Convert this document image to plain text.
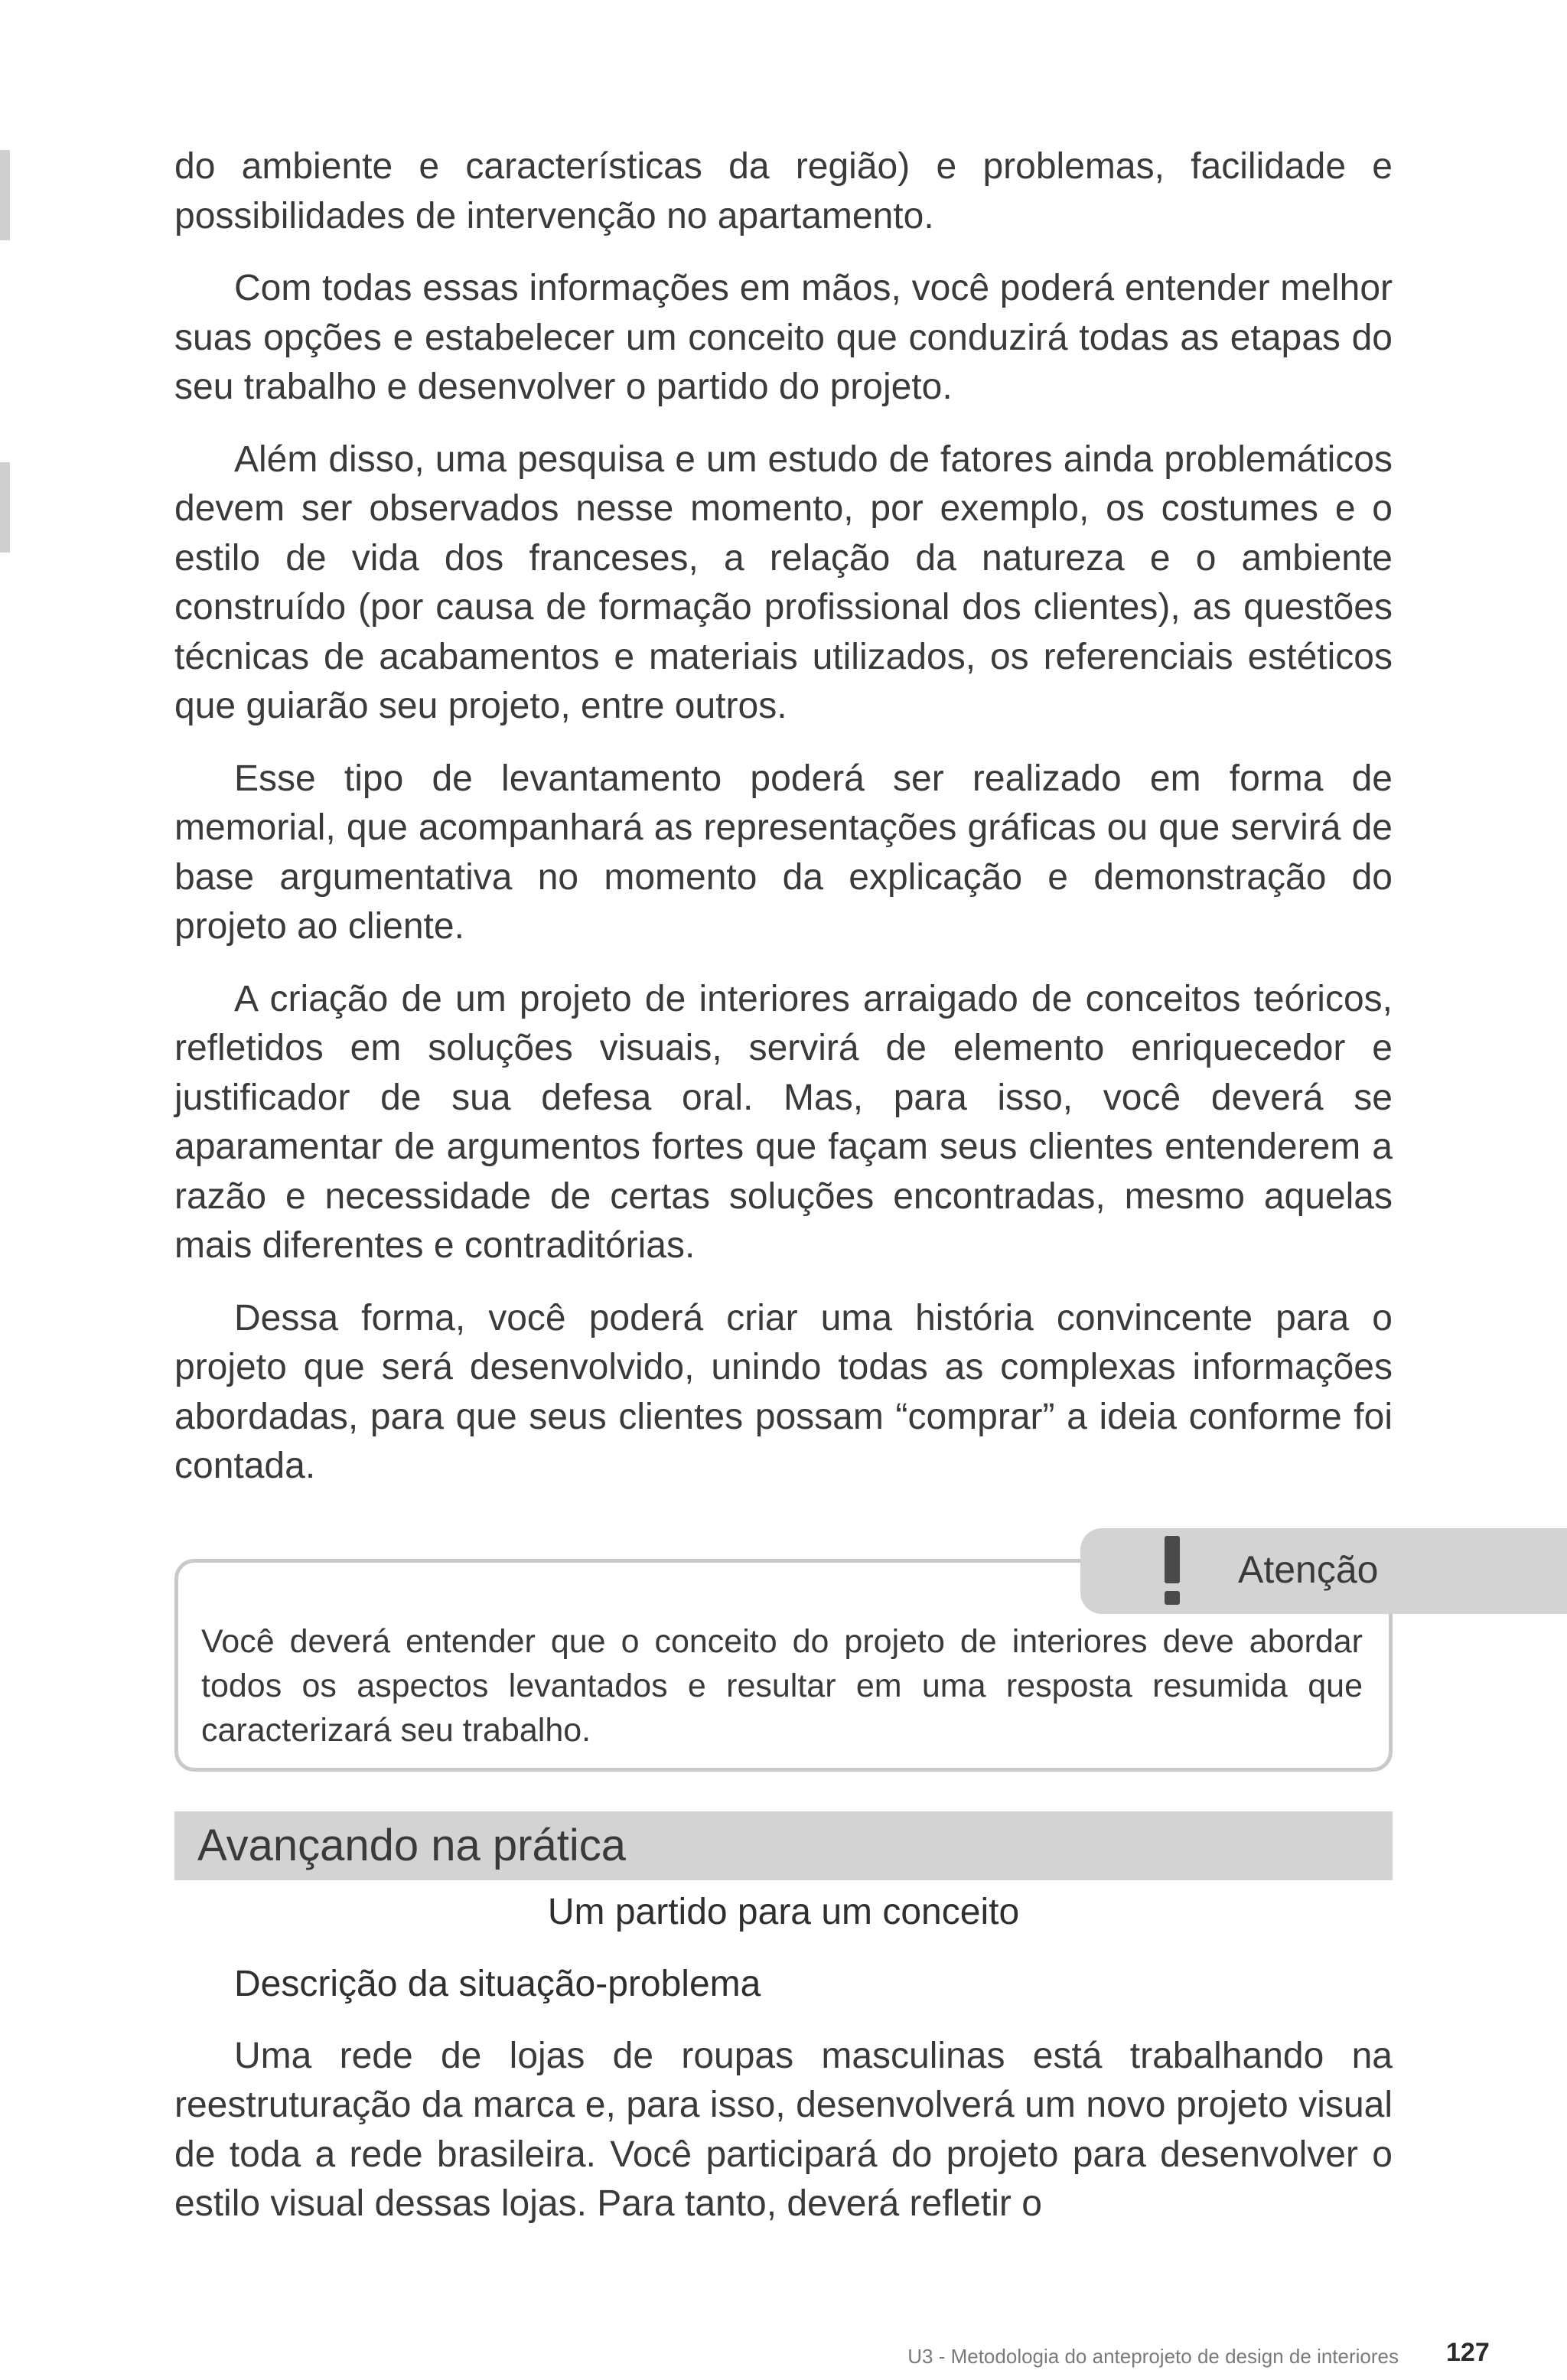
do ambiente e características da região) e problemas, facilidade e possibilidades de intervenção no apartamento.

Com todas essas informações em mãos, você poderá entender melhor suas opções e estabelecer um conceito que conduzirá todas as etapas do seu trabalho e desenvolver o partido do projeto.

Além disso, uma pesquisa e um estudo de fatores ainda problemáticos devem ser observados nesse momento, por exemplo, os costumes e o estilo de vida dos franceses, a relação da natureza e o ambiente construído (por causa de formação profissional dos clientes), as questões técnicas de acabamentos e materiais utilizados, os referenciais estéticos que guiarão seu projeto, entre outros.

Esse tipo de levantamento poderá ser realizado em forma de memorial, que acompanhará as representações gráficas ou que servirá de base argumentativa no momento da explicação e demonstração do projeto ao cliente.

A criação de um projeto de interiores arraigado de conceitos teóricos, refletidos em soluções visuais, servirá de elemento enriquecedor e justificador de sua defesa oral. Mas, para isso, você deverá se aparamentar de argumentos fortes que façam seus clientes entenderem a razão e necessidade de certas soluções encontradas, mesmo aquelas mais diferentes e contraditórias.

Dessa forma, você poderá criar uma história convincente para o projeto que será desenvolvido, unindo todas as complexas informações abordadas, para que seus clientes possam “comprar” a ideia conforme foi contada.

Você deverá entender que o conceito do projeto de interiores deve abordar todos os aspectos levantados e resultar em uma resposta resumida que caracterizará seu trabalho.
Atenção
Avançando na prática
Um partido para um conceito
Descrição da situação-problema

Uma rede de lojas de roupas masculinas está trabalhando na reestruturação da marca e, para isso, desenvolverá um novo projeto visual de toda a rede brasileira. Você participará do projeto para desenvolver o estilo visual dessas lojas. Para tanto, deverá refletir o

U3 - Metodologia do anteprojeto de design de interiores 127
